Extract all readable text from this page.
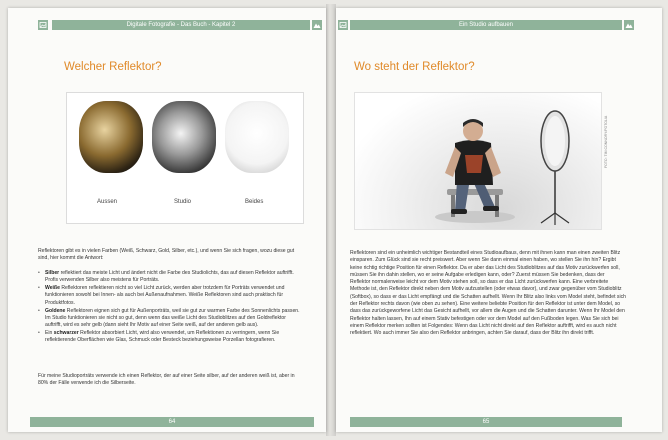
Digitale Fotografie - Das Buch - Kapitel 2
Welcher Reflektor?
Aussen	Studio	Beides

Reflektoren gibt es in vielen Farben (Weiß, Schwarz, Gold, Silber, etc.), und wenn Sie sich fragen, wozu diese gut sind, hier kommt die Antwort:

• Silber reflektiert das meiste Licht und ändert nicht die Farbe des Studiolichts, das auf diesen Reflektor auftrifft. Profis verwenden Silber also meistens für Porträts.
• Weiße Reflektoren reflektieren nicht so viel Licht zurück, werden aber trotzdem für Porträts verwendet und funktionieren sowohl bei Innen- als auch bei Außenaufnahmen. Weiße Reflektoren sind auch praktisch für Produktfotos.
• Goldene Reflektoren eignen sich gut für Außenporträts, weil sie gut zur warmen Farbe des Sonnenlichts passen. Im Studio funktionieren sie nicht so gut, denn wenn das weiße Licht des Studioblitzes auf den Goldreflektor auftrifft, wird es sehr gelb (dann sieht Ihr Motiv auf einer Seite weiß, auf der anderen gelb aus).
• Ein schwarzer Reflektor absorbiert Licht, wird also verwendet, um Reflektionen zu verringern, wenn Sie reflektierende Oberflächen wie Glas, Schmuck oder Besteck beziehungsweise Porzellan fotografieren.

Für meine Studioporträts verwende ich einen Reflektor, der auf einer Seite silber, auf der anderen weiß ist, aber in 80% der Fälle verwende ich die Silberseite.

64
Ein Studio aufbauen
Wo steht der Reflektor?
FOTO: TIM CONNORY/FOTOLIA

Reflektoren sind ein unheimlich wichtiger Bestandteil eines Studioaufbaus, denn mit ihnen kann man einen zweiten Blitz einsparen. Zum Glück sind sie recht preiswert. Aber wenn Sie dann einmal einen haben, wo stellen Sie ihn hin? Ergibt keine richtig richtige Position für einen Reflektor. Da er aber das Licht des Studioblitzes auf das Motiv zurückwerfen soll, müssen Sie ihn dahin stellen, wo er seine Aufgabe erledigen kann, oder? Zuerst müssen Sie bedenken, dass der Reflektor normalerweise leicht vor dem Motiv stehen soll, so dass er das Licht zurückwerfen kann. Eine verbreitete Methode ist, den Reflektor direkt neben dem Motiv aufzustellen (oder etwas davor), und zwar gegenüber vom Studioblitz (Softbox), so dass er das Licht empfängt und die Schatten aufhellt. Wenn Ihr Blitz also links vom Model steht, befindet sich der Reflektor rechts davon (wie oben zu sehen). Eine weitere beliebte Position für den Reflektor ist unter dem Model, so dass das zurückgeworfene Licht das Gesicht aufhellt, vor allem die Augen und die Schatten darunter. Wenn Ihr Model den Reflektor halten lassen, Ihn auf einem Stativ befestigen oder vor dem Model auf den Fußboden legen. Was Sie sich bei einem Reflektor merken sollten ist Folgendes: Wenn das Licht nicht direkt auf den Reflektor auftrifft, wird es auch nicht reflektiert. Wo auch immer Sie also den Reflektor anbringen, achten Sie darauf, dass der Blitz ihn direkt trifft.

65
